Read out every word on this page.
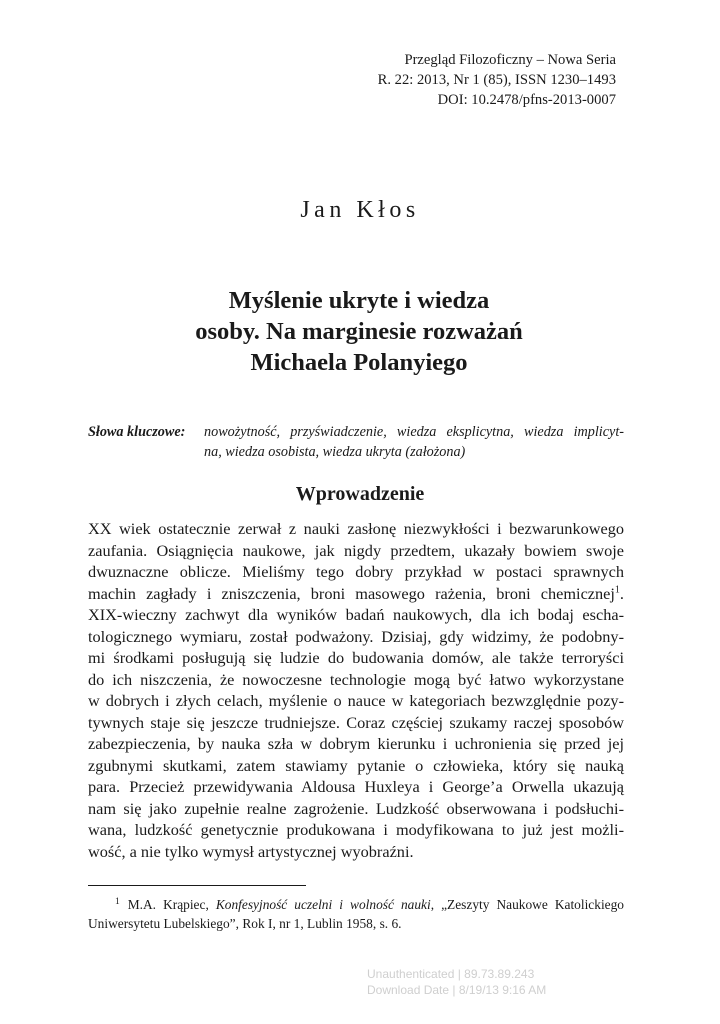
Przegląd Filozoficzny – Nowa Seria
R. 22: 2013, Nr 1 (85), ISSN 1230–1493
DOI: 10.2478/pfns-2013-0007
Jan Kłos
Myślenie ukryte i wiedza
osoby. Na marginesie rozważań
Michaela Polanyiego
Słowa kluczowe: nowożytność, przyświadczenie, wiedza eksplicytna, wiedza implicyt-
na, wiedza osobista, wiedza ukryta (założona)
Wprowadzenie
XX wiek ostatecznie zerwał z nauki zasłonę niezwykłości i bezwarunkowego
zaufania. Osiągnięcia naukowe, jak nigdy przedtem, ukazały bowiem swoje
dwuznaczne oblicze. Mieliśmy tego dobry przykład w postaci sprawnych
machin zagłady i zniszczenia, broni masowego rażenia, broni chemicznej$^1$.
XIX-wieczny zachwyt dla wyników badań naukowych, dla ich bodaj escha-
tologicznego wymiaru, został podważony. Dzisiaj, gdy widzimy, że podobny-
mi środkami posługują się ludzie do budowania domów, ale także terroryści
do ich niszczenia, że nowoczesne technologie mogą być łatwo wykorzystane
w dobrych i złych celach, myślenie o nauce w kategoriach bezwzględnie pozy-
tywnych staje się jeszcze trudniejsze. Coraz częściej szukamy raczej sposobów
zabezpieczenia, by nauka szła w dobrym kierunku i uchronienia się przed jej
zgubnymi skutkami, zatem stawiamy pytanie o człowieka, który się nauką
para. Przecież przewidywania Aldousa Huxleya i George’a Orwella ukazują
nam się jako zupełnie realne zagrożenie. Ludzkość obserwowana i podsłuchi-
wana, ludzkość genetycznie produkowana i modyfikowana to już jest możli-
wość, a nie tylko wymysł artystycznej wyobraźni.
$^1$ M.A. Krąpiec, Konfesyjność uczelni i wolność nauki, „Zeszyty Naukowe Katolickiego
Uniwersytetu Lubelskiego”, Rok I, nr 1, Lublin 1958, s. 6.
Unauthenticated | 89.73.89.243
Download Date | 8/19/13 9:16 AM
